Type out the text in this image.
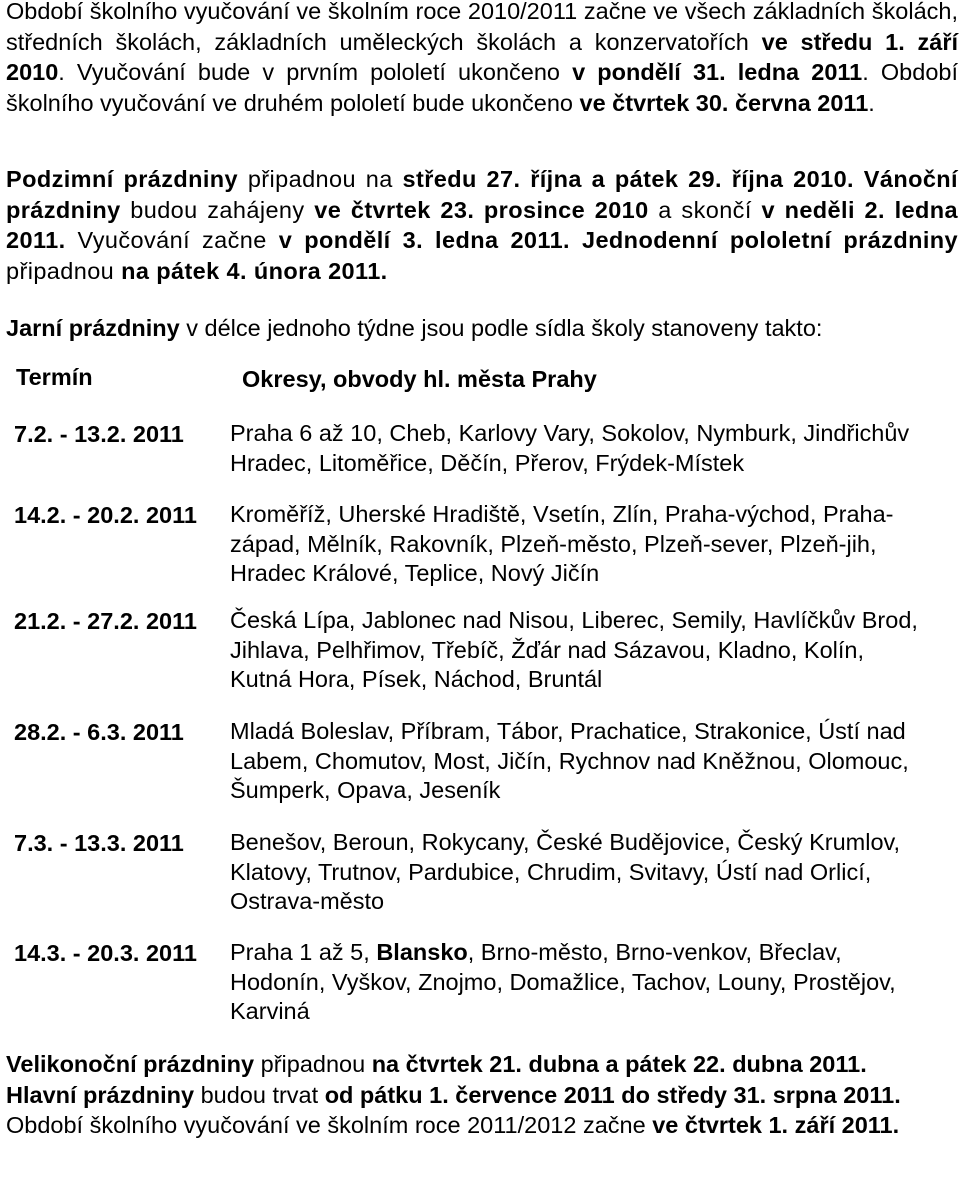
Období školního vyučování ve školním roce 2010/2011 začne ve všech základních školách, středních školách, základních uměleckých školách a konzervatořích ve středu 1. září 2010. Vyučování bude v prvním pololetí ukončeno v pondělí 31. ledna 2011. Období školního vyučování ve druhém pololetí bude ukončeno ve čtvrtek 30. června 2011.
Podzimní prázdniny připadnou na středu 27. října a pátek 29. října 2010. Vánoční prázdniny budou zahájeny ve čtvrtek 23. prosince 2010 a skončí v neděli 2. ledna 2011. Vyučování začne v pondělí 3. ledna 2011. Jednodenní pololetní prázdniny připadnou na pátek 4. února 2011.
Jarní prázdniny v délce jednoho týdne jsou podle sídla školy stanoveny takto:
Termín	Okresy, obvody hl. města Prahy
7.2. - 13.2. 2011	Praha 6 až 10, Cheb, Karlovy Vary, Sokolov, Nymburk, Jindřichův Hradec, Litoměřice, Děčín, Přerov, Frýdek-Místek
14.2. - 20.2. 2011	Kroměříž, Uherské Hradiště, Vsetín, Zlín, Praha-východ, Praha-západ, Mělník, Rakovník, Plzeň-město, Plzeň-sever, Plzeň-jih, Hradec Králové, Teplice, Nový Jičín
21.2. - 27.2. 2011	Česká Lípa, Jablonec nad Nisou, Liberec, Semily, Havlíčkův Brod, Jihlava, Pelhřimov, Třebíč, Žďár nad Sázavou, Kladno, Kolín, Kutná Hora, Písek, Náchod, Bruntál
28.2. - 6.3. 2011	Mladá Boleslav, Příbram, Tábor, Prachatice, Strakonice, Ústí nad Labem, Chomutov, Most, Jičín, Rychnov nad Kněžnou, Olomouc, Šumperk, Opava, Jeseník
7.3. - 13.3. 2011	Benešov, Beroun, Rokycany, České Budějovice, Český Krumlov, Klatovy, Trutnov, Pardubice, Chrudim, Svitavy, Ústí nad Orlicí, Ostrava-město
14.3. - 20.3. 2011	Praha 1 až 5, Blansko, Brno-město, Brno-venkov, Břeclav, Hodonín, Vyškov, Znojmo, Domažlice, Tachov, Louny, Prostějov, Karviná
Velikonoční prázdniny připadnou na čtvrtek 21. dubna a pátek 22. dubna 2011.
Hlavní prázdniny budou trvat od pátku 1. července 2011 do středy 31. srpna 2011.
Období školního vyučování ve školním roce 2011/2012 začne ve čtvrtek 1. září 2011.
